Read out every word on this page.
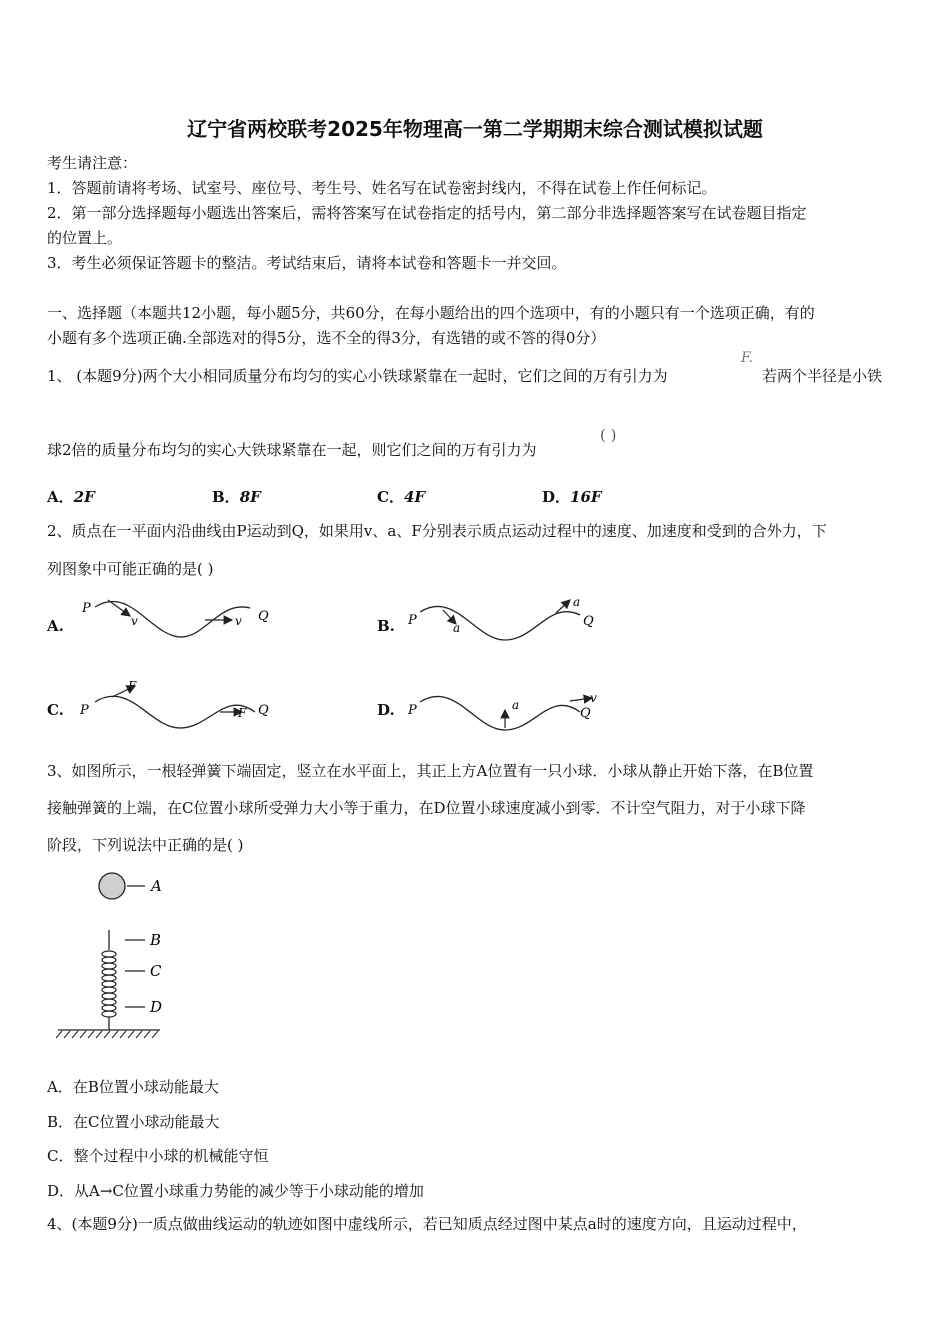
辽宁省两校联考2025年物理高一第二学期期末综合测试模拟试题
考生请注意：
1．答题前请将考场、试室号、座位号、考生号、姓名写在试卷密封线内，不得在试卷上作任何标记。
2．第一部分选择题每小题选出答案后，需将答案写在试卷指定的括号内，第二部分非选择题答案写在试卷题目指定
的位置上。
3．考生必须保证答题卡的整洁。考试结束后，请将本试卷和答题卡一并交回。
一、选择题（本题共12小题，每小题5分，共60分，在每小题给出的四个选项中，有的小题只有一个选项正确，有的
小题有多个选项正确.全部选对的得5分，选不全的得3分，有选错的或不答的得0分）
1、 (本题9分)两个大小相同质量分布均匀的实心小铁球紧靠在一起时，它们之间的万有引力为
F.
若两个半径是小铁
球2倍的质量分布均匀的实心大铁球紧靠在一起，则它们之间的万有引力为
( )
A．2F	B．8F	C．4F	D．16F
2、质点在一平面内沿曲线由P运动到Q，如果用v、a、F分别表示质点运动过程中的速度、加速度和受到的合外力，下
列图象中可能正确的是( )
A.	B.
C.	D.
P
v	v Q	P	a
a
Q
P
F
F Q	P	a	v
Q
A
B
C
D
3、如图所示，一根轻弹簧下端固定，竖立在水平面上，其正上方A位置有一只小球．小球从静止开始下落，在B位置
接触弹簧的上端，在C位置小球所受弹力大小等于重力，在D位置小球速度减小到零．不计空气阻力，对于小球下降
阶段，下列说法中正确的是( )
A．在B位置小球动能最大
B．在C位置小球动能最大
C．整个过程中小球的机械能守恒
D．从A→C位置小球重力势能的减少等于小球动能的增加
4、(本题9分)一质点做曲线运动的轨迹如图中虚线所示，若已知质点经过图中某点a时的速度方向，且运动过程中，
